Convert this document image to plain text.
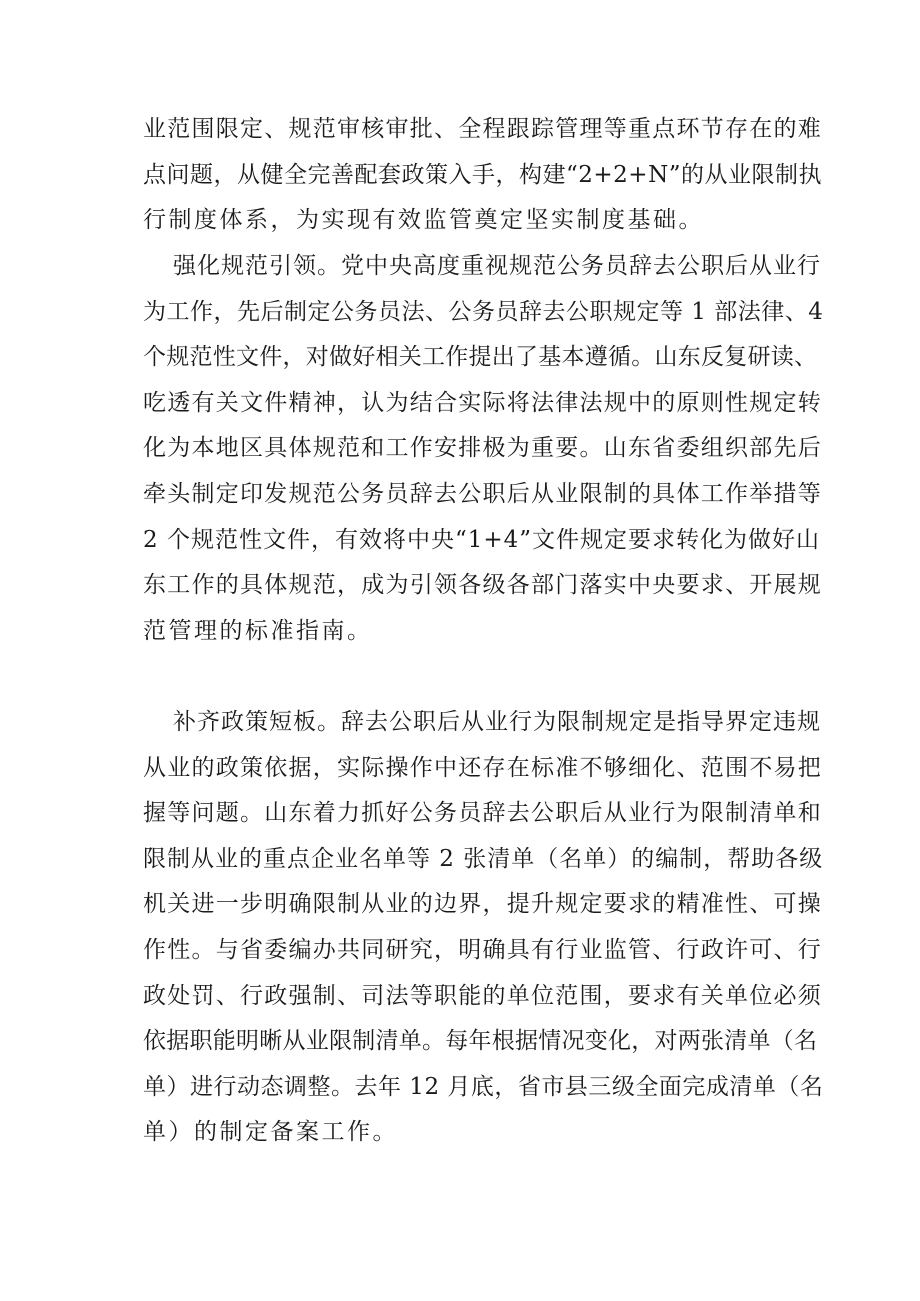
业范围限定、规范审核审批、全程跟踪管理等重点环节存在的难
点问题，从健全完善配套政策入手，构建“2+2+N”的从业限制执
行制度体系，为实现有效监管奠定坚实制度基础。
强化规范引领。党中央高度重视规范公务员辞去公职后从业行
为工作，先后制定公务员法、公务员辞去公职规定等 1 部法律、4
个规范性文件，对做好相关工作提出了基本遵循。山东反复研读、
吃透有关文件精神，认为结合实际将法律法规中的原则性规定转
化为本地区具体规范和工作安排极为重要。山东省委组织部先后
牵头制定印发规范公务员辞去公职后从业限制的具体工作举措等
2 个规范性文件，有效将中央“1+4”文件规定要求转化为做好山
东工作的具体规范，成为引领各级各部门落实中央要求、开展规
范管理的标准指南。
补齐政策短板。辞去公职后从业行为限制规定是指导界定违规
从业的政策依据，实际操作中还存在标准不够细化、范围不易把
握等问题。山东着力抓好公务员辞去公职后从业行为限制清单和
限制从业的重点企业名单等 2 张清单（名单）的编制，帮助各级
机关进一步明确限制从业的边界，提升规定要求的精准性、可操
作性。与省委编办共同研究，明确具有行业监管、行政许可、行
政处罚、行政强制、司法等职能的单位范围，要求有关单位必须
依据职能明晰从业限制清单。每年根据情况变化，对两张清单（名
单）进行动态调整。去年 12 月底，省市县三级全面完成清单（名
单）的制定备案工作。
